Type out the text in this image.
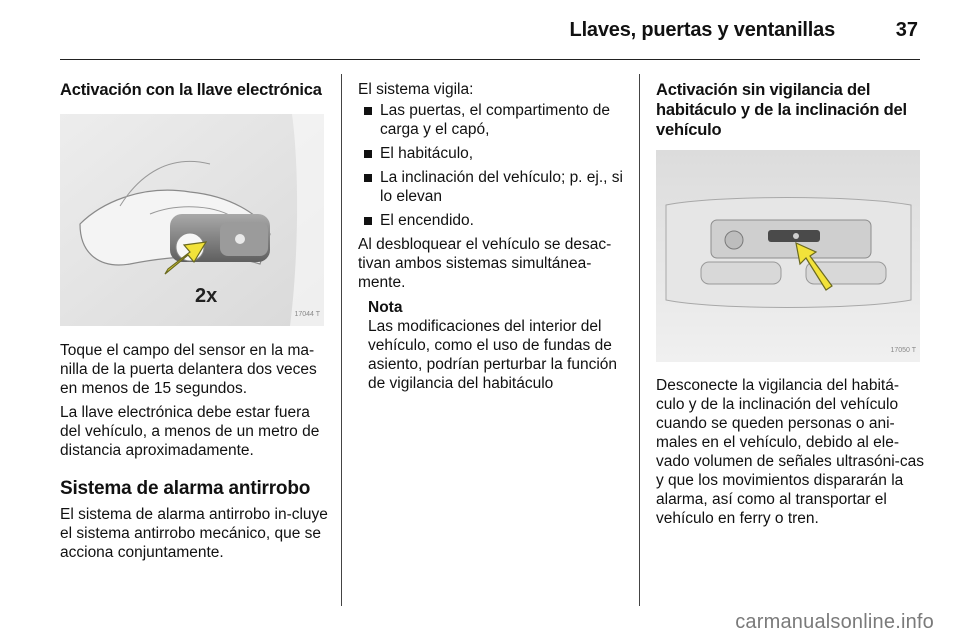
Llaves, puertas y ventanillas	37
Activación con la llave electrónica
2x
17044 T

Toque el campo del sensor en la ma-nilla de la puerta delantera dos veces en menos de 15 segundos.

La llave electrónica debe estar fuera del vehículo, a menos de un metro de distancia aproximadamente.

Sistema de alarma antirrobo

El sistema de alarma antirrobo in-cluye el sistema antirrobo mecánico, que se acciona conjuntamente.

El sistema vigila:

Las puertas, el compartimento de carga y el capó,
El habitáculo,
La inclinación del vehículo; p. ej., si lo elevan
El encendido.

Al desbloquear el vehículo se desac-tivan ambos sistemas simultánea-mente.

Nota

Las modificaciones del interior del vehículo, como el uso de fundas de asiento, podrían perturbar la función de vigilancia del habitáculo

Activación sin vigilancia del habitáculo y de la inclinación del vehículo
17050 T

Desconecte la vigilancia del habitá-culo y de la inclinación del vehículo cuando se queden personas o ani-males en el vehículo, debido al ele-vado volumen de señales ultrasóni-cas y que los movimientos dispararán la alarma, así como al transportar el vehículo en ferry o tren.

carmanualsonline.info
